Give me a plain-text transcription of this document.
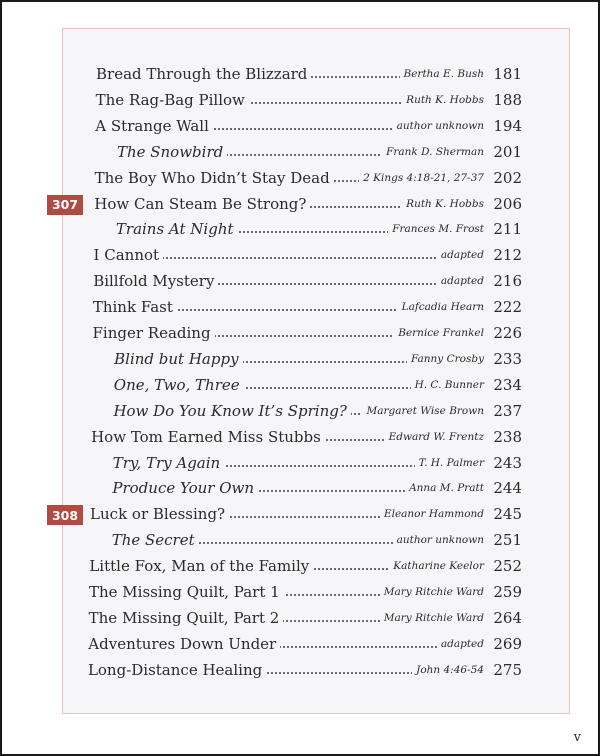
Bread Through the Blizzard	Bertha E. Bush 181
The Rag-Bag Pillow	Ruth K. Hobbs 188
A Strange Wall	author unknown 194
The Snowbird	Frank D. Sherman 201
The Boy Who Didn’t Stay Dead	2 Kings 4:18-21, 27-37 202
How Can Steam Be Strong?	Ruth K. Hobbs 206
307
Trains At Night	Frances M. Frost 211
I Cannot	adapted 212
Billfold Mystery	adapted 216
Think Fast	Lafcadia Hearn 222
Finger Reading	Bernice Frankel 226
Blind but Happy	Fanny Crosby 233
One, Two, Three	H. C. Bunner 234
How Do You Know It’s Spring?	Margaret Wise Brown 237
How Tom Earned Miss Stubbs	Edward W. Frentz 238
Try, Try Again	T. H. Palmer 243
Produce Your Own	Anna M. Pratt 244
Luck or Blessing?	Eleanor Hammond 245
308
The Secret	author unknown 251
Little Fox, Man of the Family	Katharine Keelor 252
The Missing Quilt, Part 1	Mary Ritchie Ward 259
The Missing Quilt, Part 2	Mary Ritchie Ward 264
Adventures Down Under	adapted 269
Long-Distance Healing	John 4:46-54 275
v
